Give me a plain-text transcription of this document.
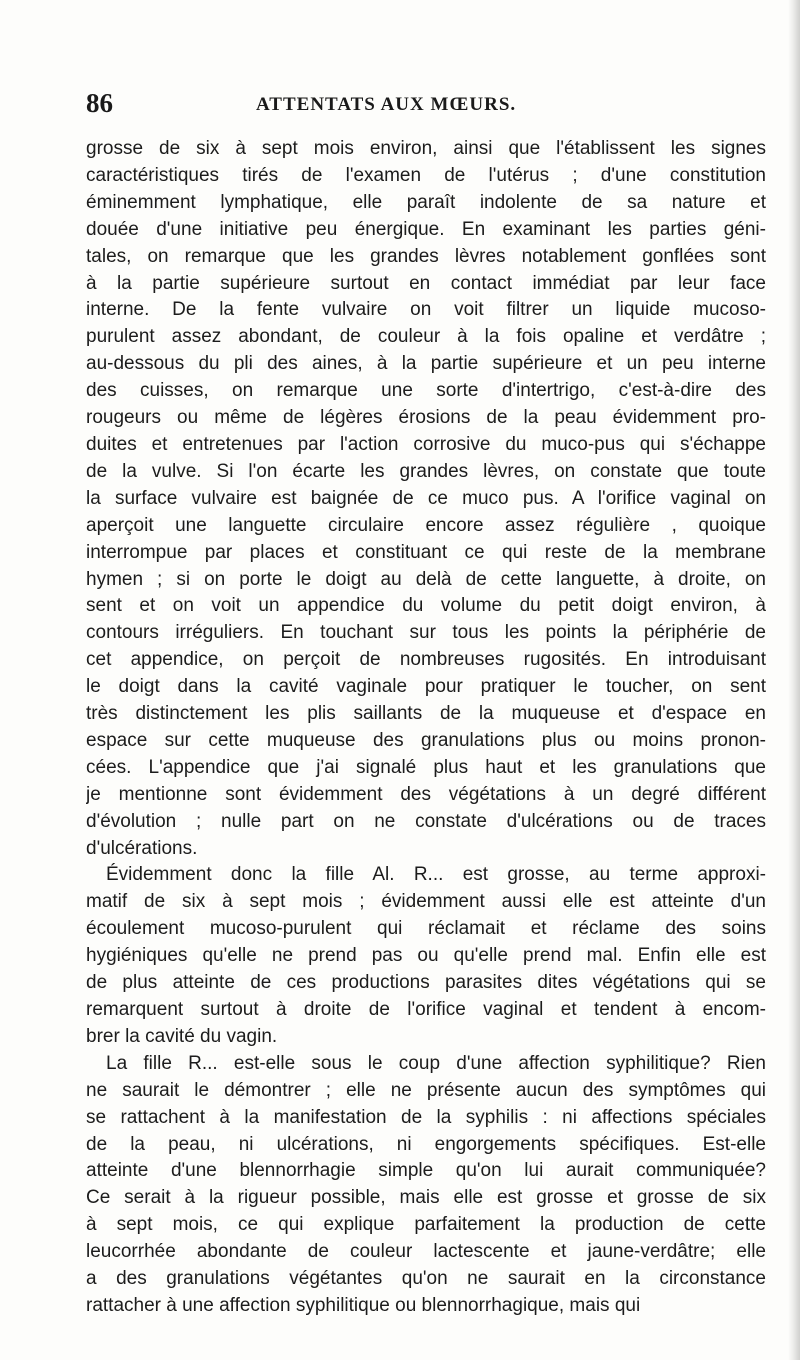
86	ATTENTATS AUX MŒURS.

grosse de six à sept mois environ, ainsi que l'établissent les signes
caractéristiques tirés de l'examen de l'utérus ; d'une constitution
éminemment lymphatique, elle paraît indolente de sa nature et
douée d'une initiative peu énergique. En examinant les parties géni-
tales, on remarque que les grandes lèvres notablement gonflées sont
à la partie supérieure surtout en contact immédiat par leur face
interne. De la fente vulvaire on voit filtrer un liquide mucoso-
purulent assez abondant, de couleur à la fois opaline et verdâtre ;
au-dessous du pli des aines, à la partie supérieure et un peu interne
des cuisses, on remarque une sorte d'intertrigo, c'est-à-dire des
rougeurs ou même de légères érosions de la peau évidemment pro-
duites et entretenues par l'action corrosive du muco-pus qui s'échappe
de la vulve. Si l'on écarte les grandes lèvres, on constate que toute
la surface vulvaire est baignée de ce muco pus. A l'orifice vaginal on
aperçoit une languette circulaire encore assez régulière , quoique
interrompue par places et constituant ce qui reste de la membrane
hymen ; si on porte le doigt au delà de cette languette, à droite, on
sent et on voit un appendice du volume du petit doigt environ, à
contours irréguliers. En touchant sur tous les points la périphérie de
cet appendice, on perçoit de nombreuses rugosités. En introduisant
le doigt dans la cavité vaginale pour pratiquer le toucher, on sent
très distinctement les plis saillants de la muqueuse et d'espace en
espace sur cette muqueuse des granulations plus ou moins pronon-
cées. L'appendice que j'ai signalé plus haut et les granulations que
je mentionne sont évidemment des végétations à un degré différent
d'évolution ; nulle part on ne constate d'ulcérations ou de traces
d'ulcérations.

Évidemment donc la fille Al. R... est grosse, au terme approxi-
matif de six à sept mois ; évidemment aussi elle est atteinte d'un
écoulement mucoso-purulent qui réclamait et réclame des soins
hygiéniques qu'elle ne prend pas ou qu'elle prend mal. Enfin elle est
de plus atteinte de ces productions parasites dites végétations qui se
remarquent surtout à droite de l'orifice vaginal et tendent à encom-
brer la cavité du vagin.

La fille R... est-elle sous le coup d'une affection syphilitique? Rien
ne saurait le démontrer ; elle ne présente aucun des symptômes qui
se rattachent à la manifestation de la syphilis : ni affections spéciales
de la peau, ni ulcérations, ni engorgements spécifiques. Est-elle
atteinte d'une blennorrhagie simple qu'on lui aurait communiquée?
Ce serait à la rigueur possible, mais elle est grosse et grosse de six
à sept mois, ce qui explique parfaitement la production de cette
leucorrhée abondante de couleur lactescente et jaune-verdâtre; elle
a des granulations végétantes qu'on ne saurait en la circonstance
rattacher à une affection syphilitique ou blennorrhagique, mais qui
